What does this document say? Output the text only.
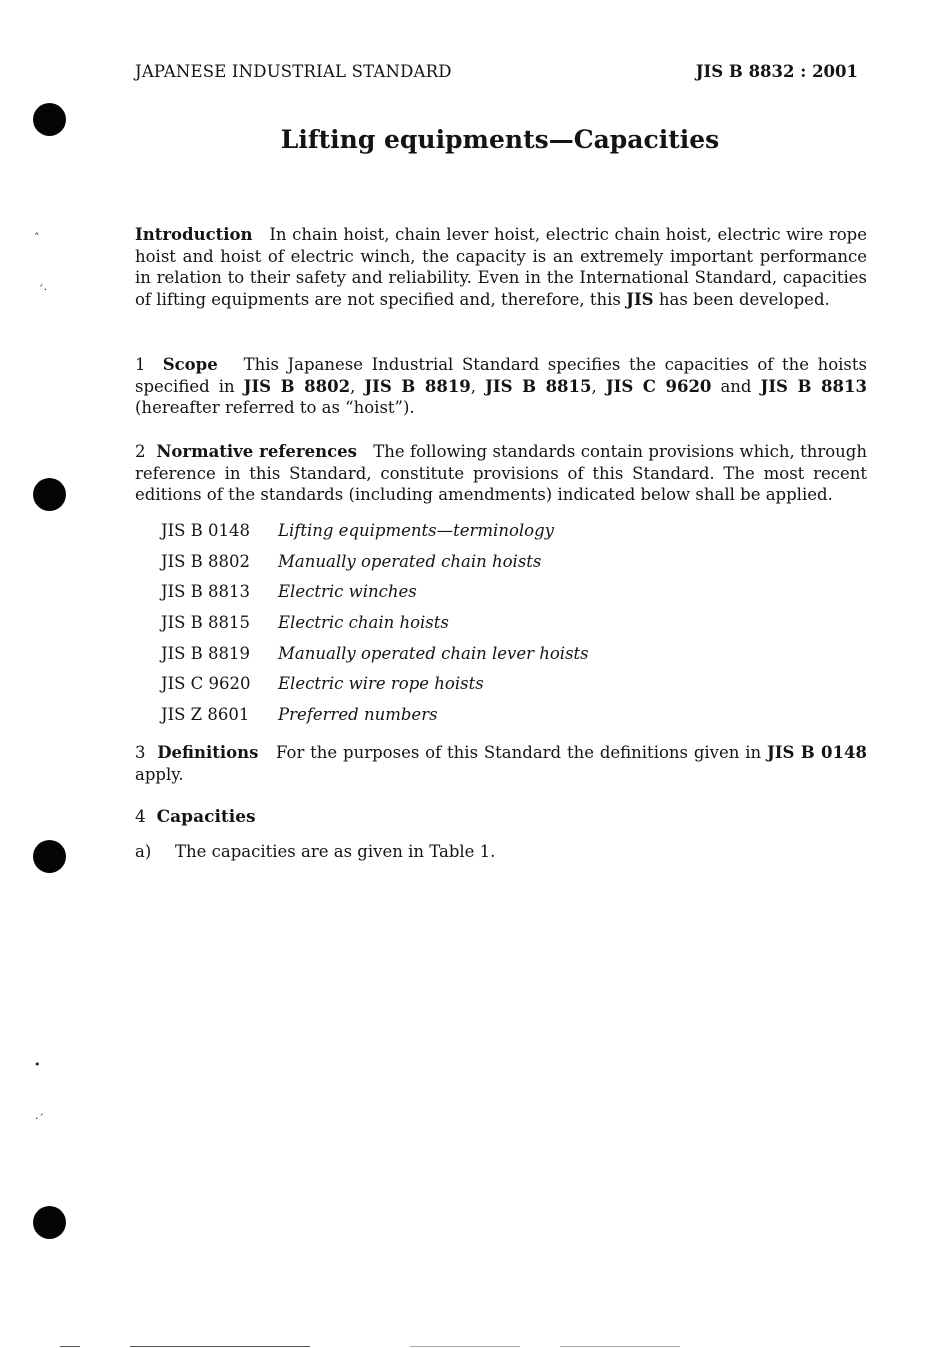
˄
´·
•
·ˊ
JAPANESE INDUSTRIAL STANDARD	JIS B 8832 : 2001
Lifting equipments—Capacities
Introduction In chain hoist, chain lever hoist, electric chain hoist, electric wire rope hoist and hoist of electric winch, the capacity is an extremely important performance in relation to their safety and reliability. Even in the International Standard, capacities of lifting equipments are not specified and, therefore, this JIS has been developed.
1 Scope This Japanese Industrial Standard specifies the capacities of the hoists specified in JIS B 8802, JIS B 8819, JIS B 8815, JIS C 9620 and JIS B 8813 (hereafter referred to as “hoist”).
2 Normative references The following standards contain provisions which, through reference in this Standard, constitute provisions of this Standard. The most recent editions of the standards (including amendments) indicated below shall be applied.
JIS B 0148	Lifting equipments—terminology
JIS B 8802	Manually operated chain hoists
JIS B 8813	Electric winches
JIS B 8815	Electric chain hoists
JIS B 8819	Manually operated chain lever hoists
JIS C 9620	Electric wire rope hoists
JIS Z 8601	Preferred numbers
3 Definitions For the purposes of this Standard the definitions given in JIS B 0148 apply.
4 Capacities
a)	The capacities are as given in Table 1.
